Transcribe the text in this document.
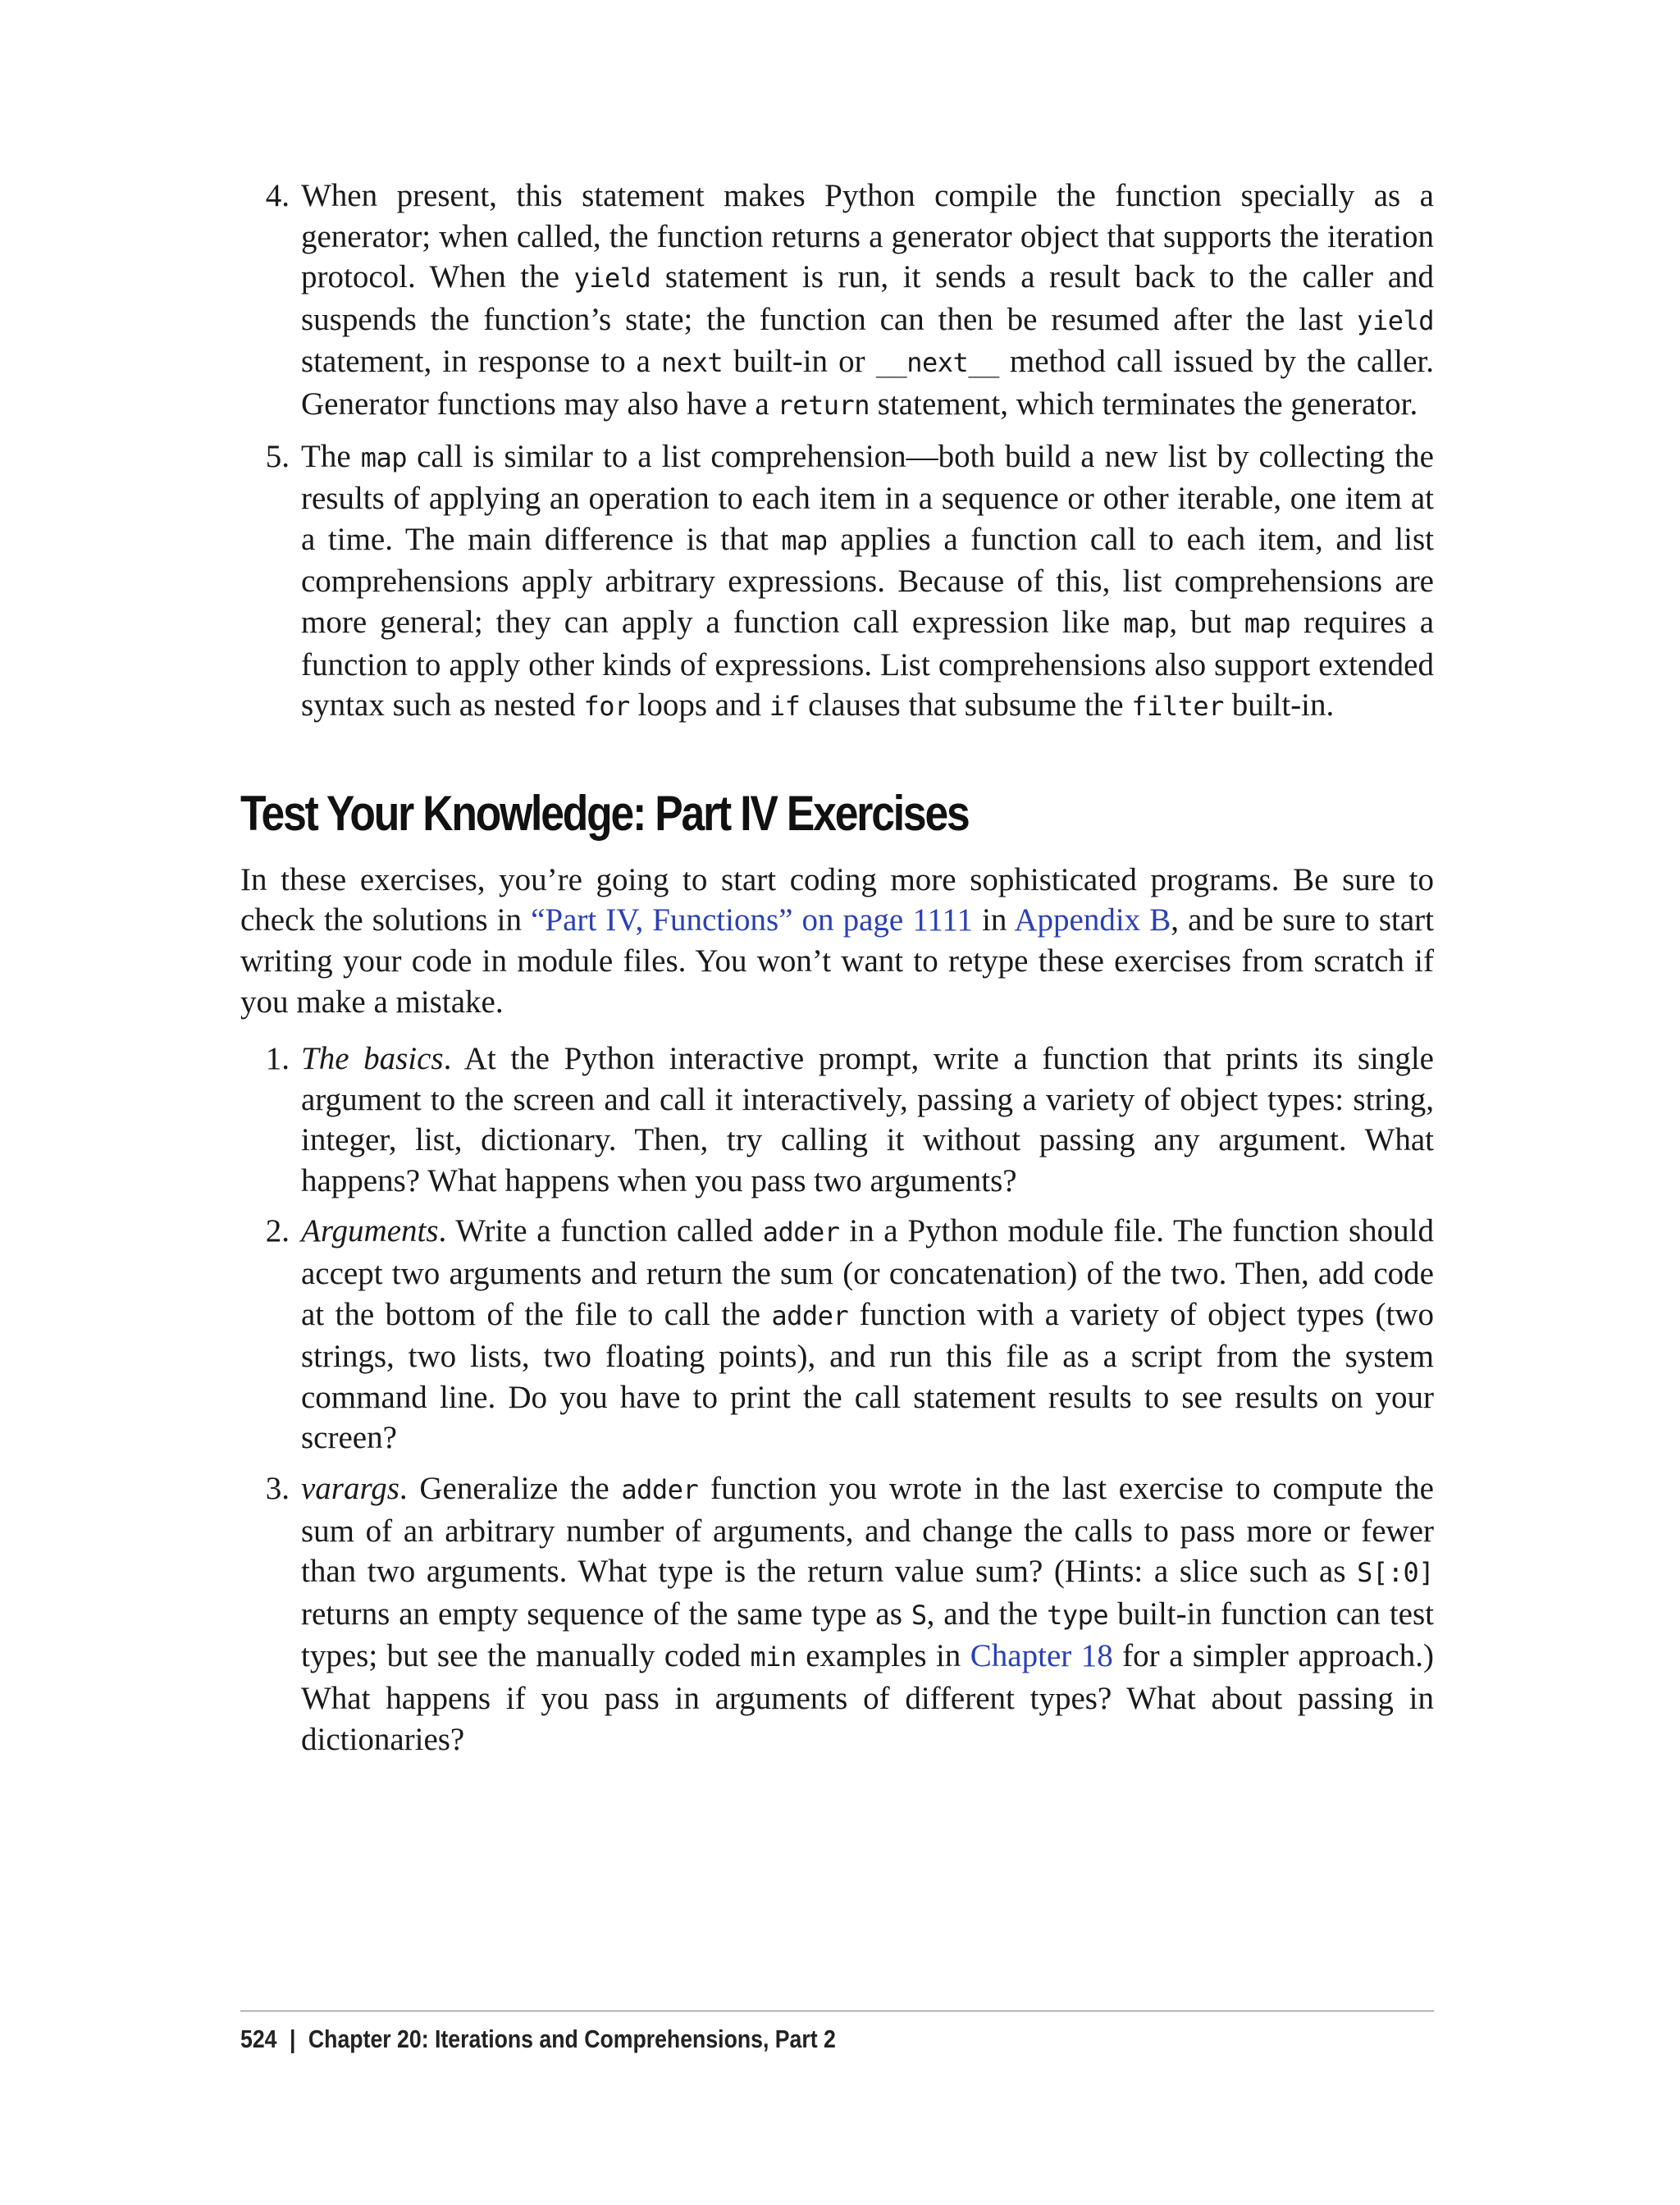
4. When present, this statement makes Python compile the function specially as a generator; when called, the function returns a generator object that supports the iteration protocol. When the yield statement is run, it sends a result back to the caller and suspends the function’s state; the function can then be resumed after the last yield statement, in response to a next built-in or __next__ method call issued by the caller. Generator functions may also have a return statement, which terminates the generator.
5. The map call is similar to a list comprehension—both build a new list by collecting the results of applying an operation to each item in a sequence or other iterable, one item at a time. The main difference is that map applies a function call to each item, and list comprehensions apply arbitrary expressions. Because of this, list comprehensions are more general; they can apply a function call expression like map, but map requires a function to apply other kinds of expressions. List comprehensions also support extended syntax such as nested for loops and if clauses that subsume the filter built-in.
Test Your Knowledge: Part IV Exercises

In these exercises, you’re going to start coding more sophisticated programs. Be sure to check the solutions in “Part IV, Functions” on page 1111 in Appendix B, and be sure to start writing your code in module files. You won’t want to retype these exercises from scratch if you make a mistake.

1. The basics. At the Python interactive prompt, write a function that prints its single argument to the screen and call it interactively, passing a variety of object types: string, integer, list, dictionary. Then, try calling it without passing any argument. What happens? What happens when you pass two arguments?
2. Arguments. Write a function called adder in a Python module file. The function should accept two arguments and return the sum (or concatenation) of the two. Then, add code at the bottom of the file to call the adder function with a variety of object types (two strings, two lists, two floating points), and run this file as a script from the system command line. Do you have to print the call statement results to see results on your screen?
3. varargs. Generalize the adder function you wrote in the last exercise to compute the sum of an arbitrary number of arguments, and change the calls to pass more or fewer than two arguments. What type is the return value sum? (Hints: a slice such as S[:0] returns an empty sequence of the same type as S, and the type built-in function can test types; but see the manually coded min examples in Chapter 18 for a simpler approach.) What happens if you pass in arguments of different types? What about passing in dictionaries?
524 | Chapter 20: Iterations and Comprehensions, Part 2
